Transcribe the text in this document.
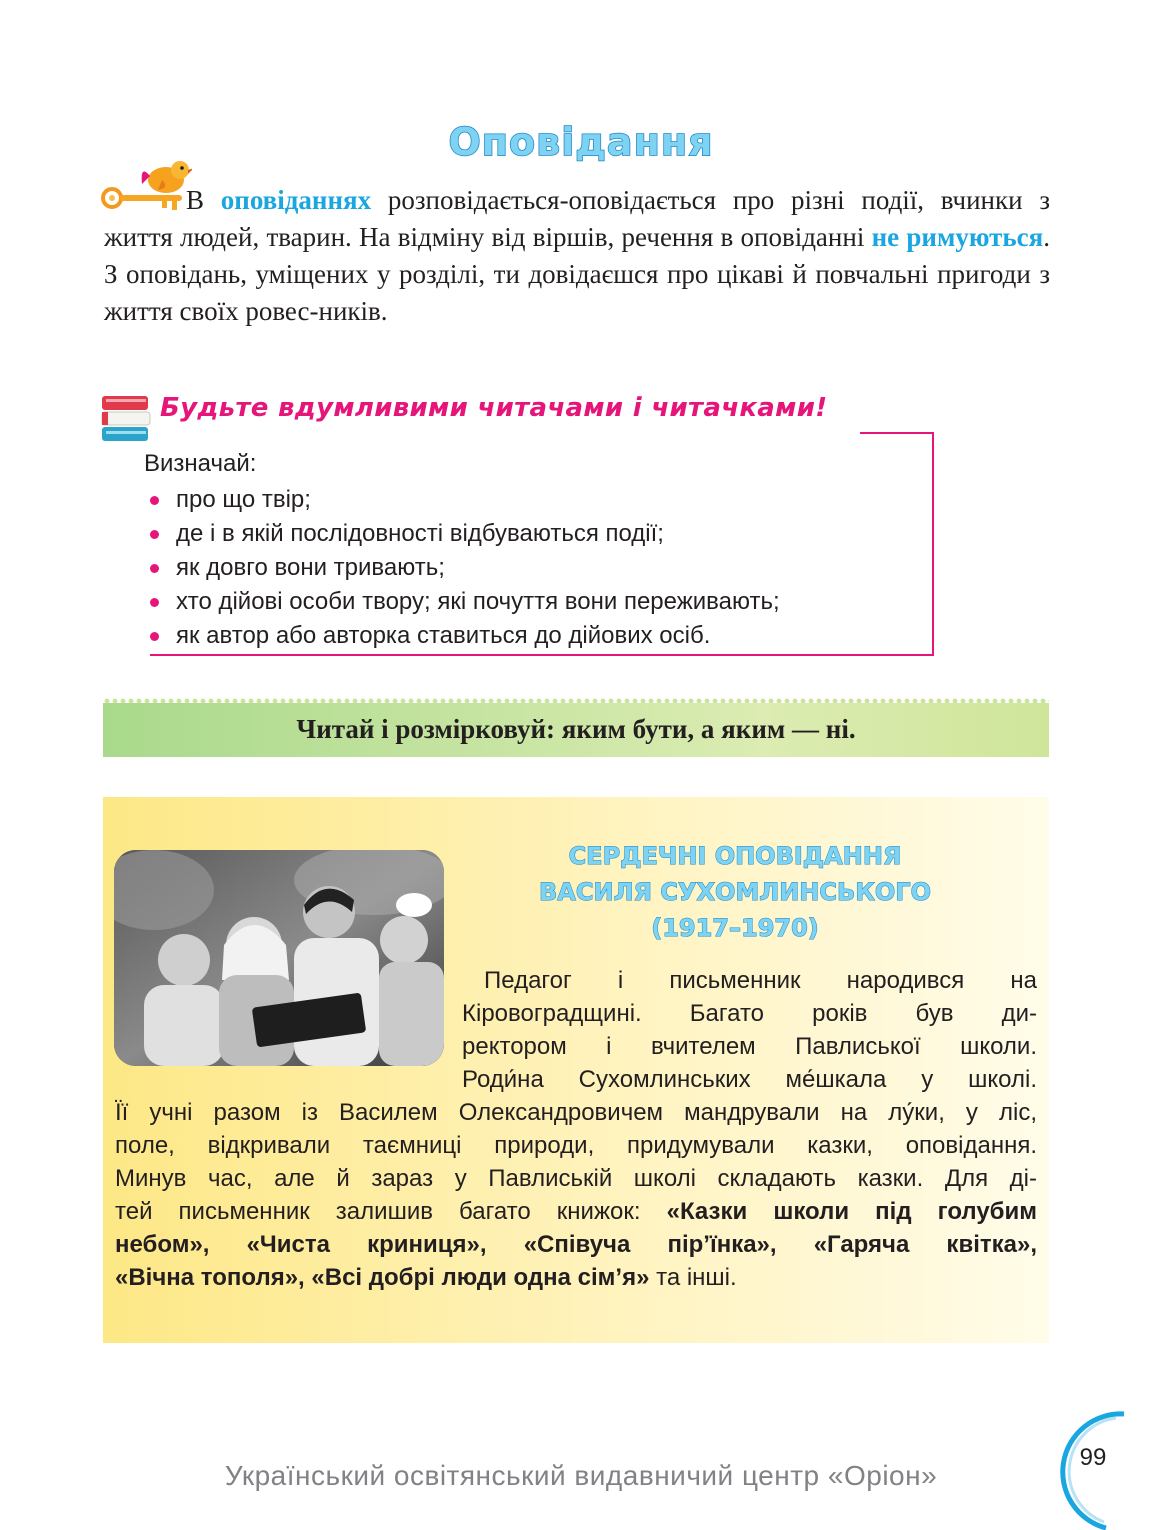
Оповідання
В оповіданнях розповідається-оповідається про різні події, вчинки з життя людей, тварин. На відміну від віршів, речення в оповіданні не римуються. З оповідань, уміщених у розділі, ти довідаєшся про цікаві й повчальні пригоди з життя своїх ровес-ників.
Будьте вдумливими читачами і читачками!
Визначай:
про що твір;
де і в якій послідовності відбуваються події;
як довго вони тривають;
хто дійові особи твору; які почуття вони переживають;
як автор або авторка ставиться до дійових осіб.
Читай і розмірковуй: яким бути, а яким — ні.
СЕРДЕЧНІ ОПОВІДАННЯ
ВАСИЛЯ СУХОМЛИНСЬКОГО
(1917–1970)
Педагог і письменник народився на
Кіровоградщині. Багато років був ди-
ректором і вчителем Павлиської школи.
Роди́на Сухомлинських ме́шкала у школі.
Її учні разом із Василем Олександровичем мандрували на лу́ки, у ліс,
поле, відкривали таємниці природи, придумували казки, оповідання.
Минув час, але й зараз у Павлиській школі складають казки. Для ді-
тей письменник залишив багато книжок: «Казки школи під голубим
небом», «Чиста криниця», «Співуча пір’їнка», «Гаряча квітка»,
«Вічна тополя», «Всі добрі люди одна сім’я» та інші.
Український освітянський видавничий центр «Оріон»
99
